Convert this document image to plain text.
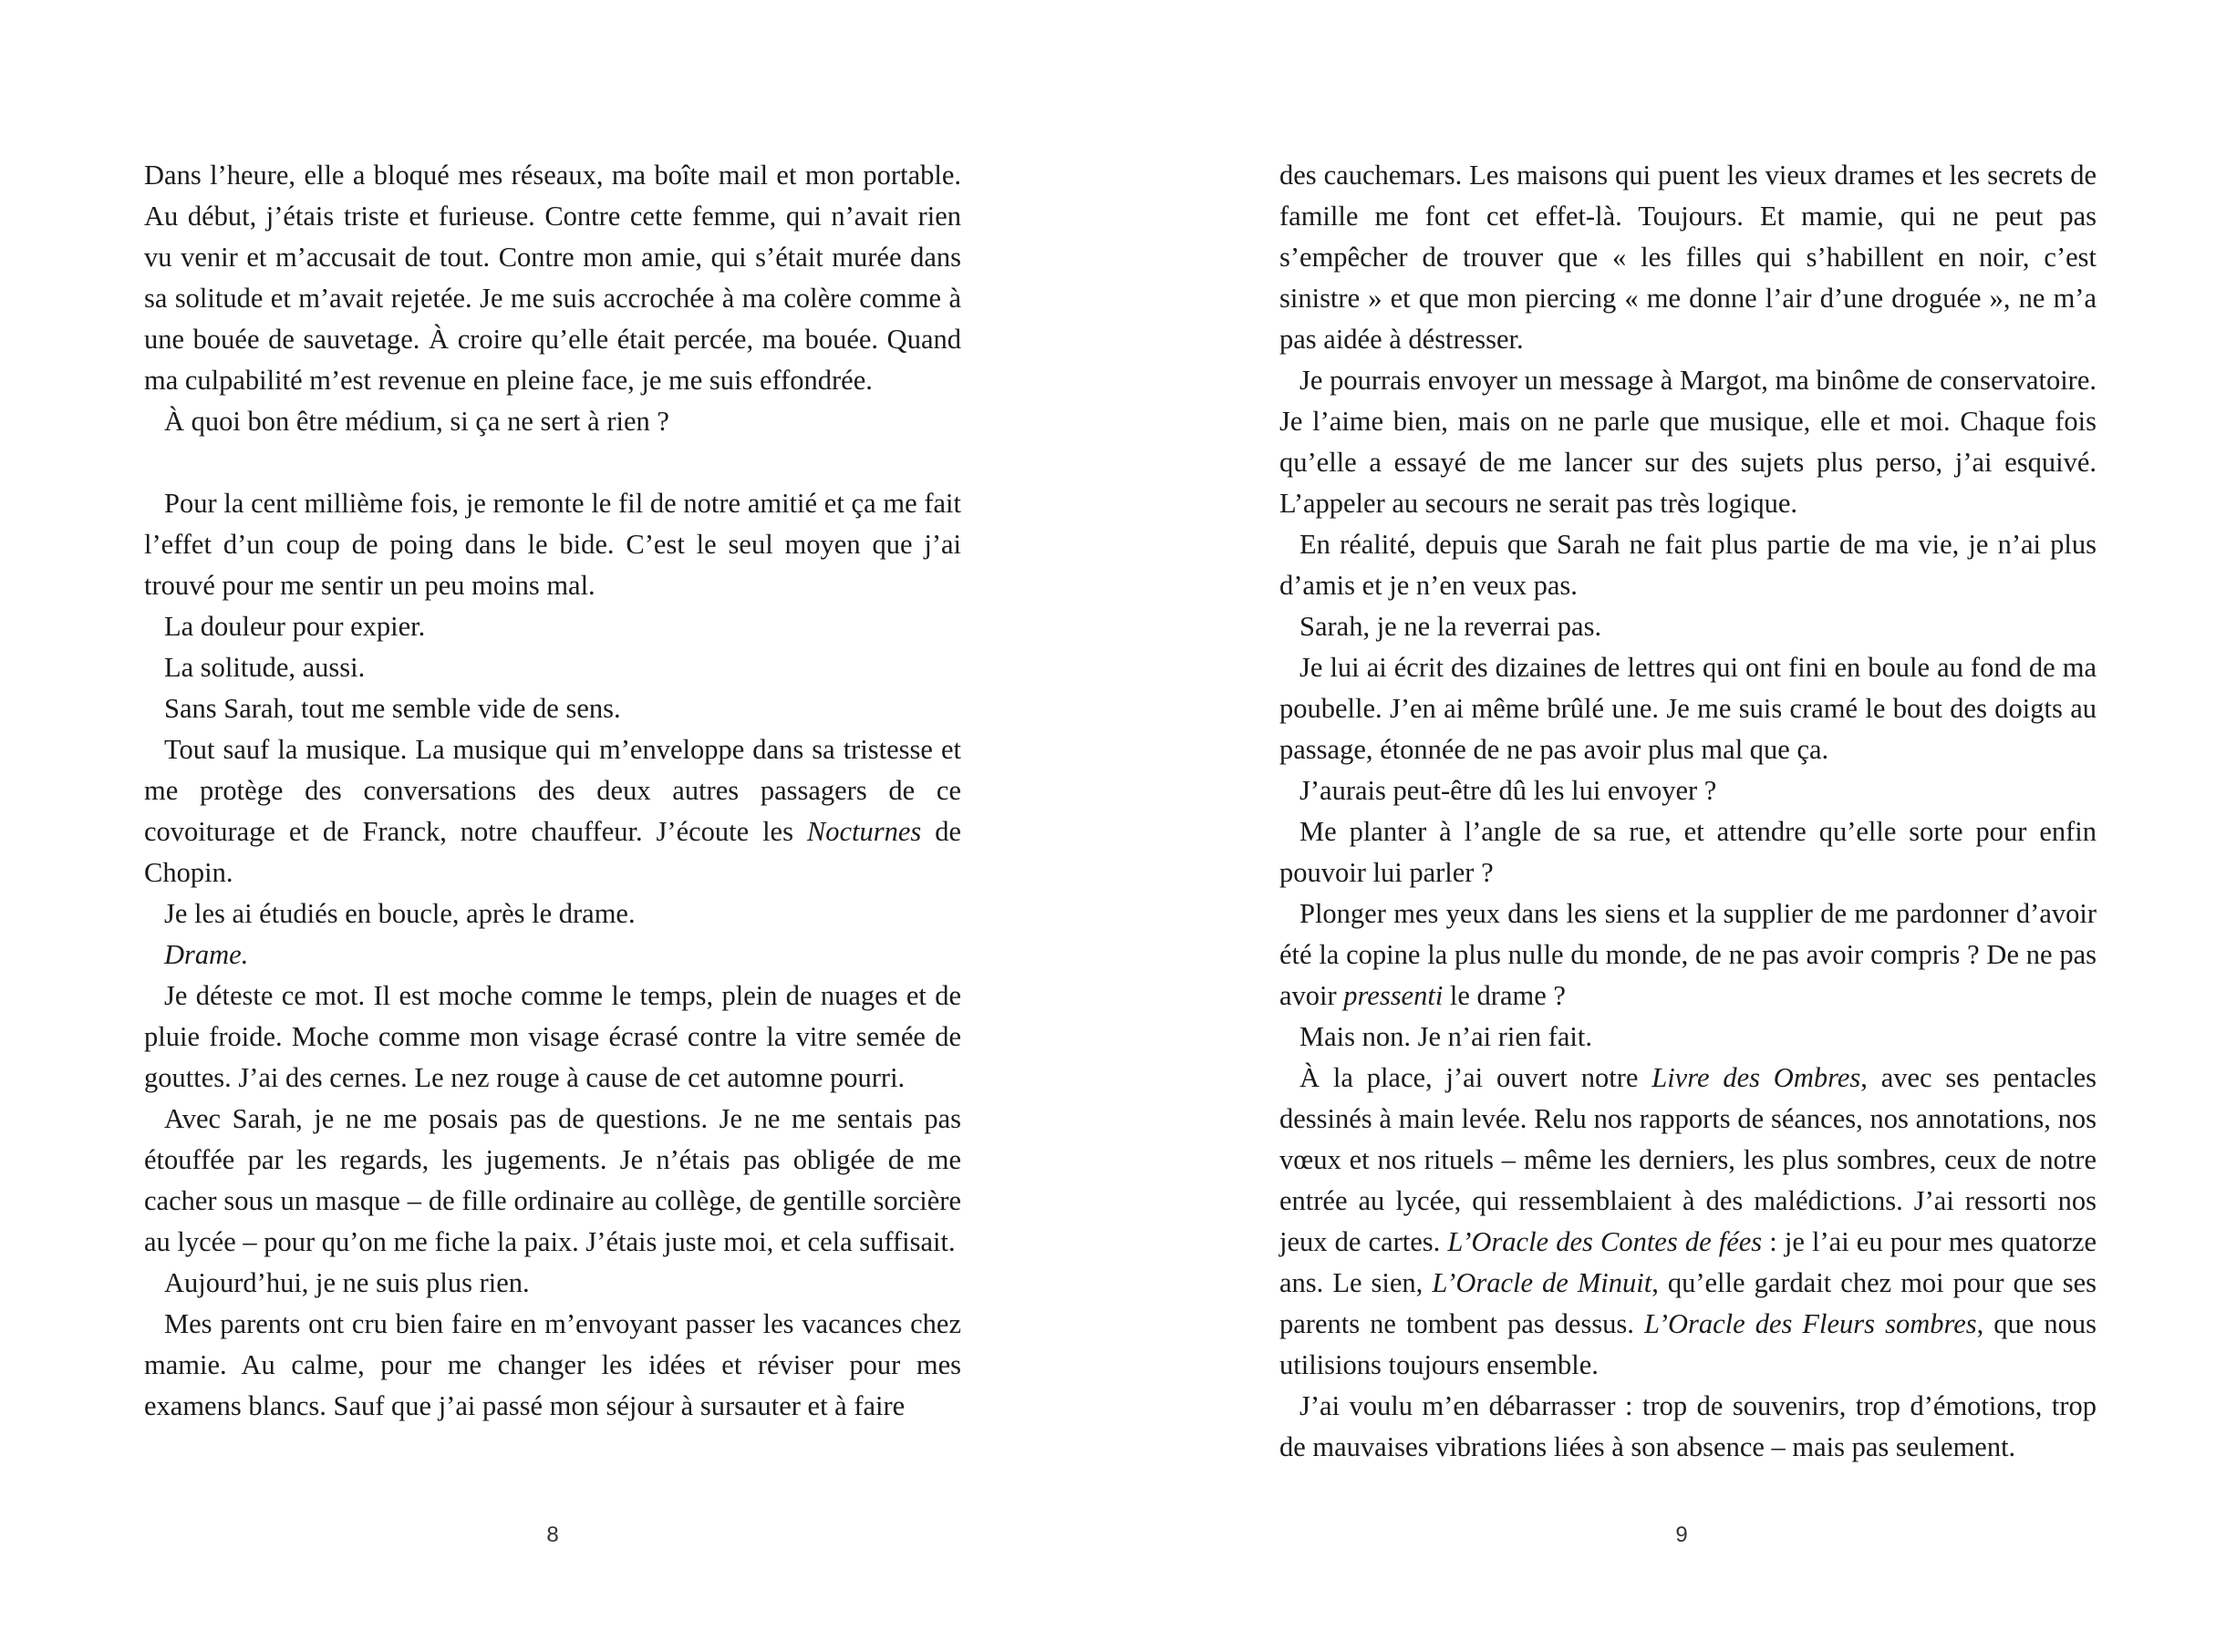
Dans l’heure, elle a bloqué mes réseaux, ma boîte mail et mon portable. Au début, j’étais triste et furieuse. Contre cette femme, qui n’avait rien vu venir et m’accusait de tout. Contre mon amie, qui s’était murée dans sa solitude et m’avait rejetée. Je me suis accrochée à ma colère comme à une bouée de sauvetage. À croire qu’elle était percée, ma bouée. Quand ma culpabilité m’est revenue en pleine face, je me suis effondrée.

À quoi bon être médium, si ça ne sert à rien ?

Pour la cent millième fois, je remonte le fil de notre amitié et ça me fait l’effet d’un coup de poing dans le bide. C’est le seul moyen que j’ai trouvé pour me sentir un peu moins mal.

La douleur pour expier.

La solitude, aussi.

Sans Sarah, tout me semble vide de sens.

Tout sauf la musique. La musique qui m’enveloppe dans sa tristesse et me protège des conversations des deux autres passagers de ce covoiturage et de Franck, notre chauffeur. J’écoute les Nocturnes de Chopin.

Je les ai étudiés en boucle, après le drame.

Drame.

Je déteste ce mot. Il est moche comme le temps, plein de nuages et de pluie froide. Moche comme mon visage écrasé contre la vitre semée de gouttes. J’ai des cernes. Le nez rouge à cause de cet automne pourri.

Avec Sarah, je ne me posais pas de questions. Je ne me sentais pas étouffée par les regards, les jugements. Je n’étais pas obligée de me cacher sous un masque – de fille ordinaire au collège, de gentille sorcière au lycée – pour qu’on me fiche la paix. J’étais juste moi, et cela suffisait.

Aujourd’hui, je ne suis plus rien.

Mes parents ont cru bien faire en m’envoyant passer les vacances chez mamie. Au calme, pour me changer les idées et réviser pour mes examens blancs. Sauf que j’ai passé mon séjour à sursauter et à faire

8

des cauchemars. Les maisons qui puent les vieux drames et les secrets de famille me font cet effet-là. Toujours. Et mamie, qui ne peut pas s’empêcher de trouver que « les filles qui s’habillent en noir, c’est sinistre » et que mon piercing « me donne l’air d’une droguée », ne m’a pas aidée à déstresser.

Je pourrais envoyer un message à Margot, ma binôme de conservatoire. Je l’aime bien, mais on ne parle que musique, elle et moi. Chaque fois qu’elle a essayé de me lancer sur des sujets plus perso, j’ai esquivé. L’appeler au secours ne serait pas très logique.

En réalité, depuis que Sarah ne fait plus partie de ma vie, je n’ai plus d’amis et je n’en veux pas.

Sarah, je ne la reverrai pas.

Je lui ai écrit des dizaines de lettres qui ont fini en boule au fond de ma poubelle. J’en ai même brûlé une. Je me suis cramé le bout des doigts au passage, étonnée de ne pas avoir plus mal que ça.

J’aurais peut-être dû les lui envoyer ?

Me planter à l’angle de sa rue, et attendre qu’elle sorte pour enfin pouvoir lui parler ?

Plonger mes yeux dans les siens et la supplier de me pardonner d’avoir été la copine la plus nulle du monde, de ne pas avoir compris ? De ne pas avoir pressenti le drame ?

Mais non. Je n’ai rien fait.

À la place, j’ai ouvert notre Livre des Ombres, avec ses pentacles dessinés à main levée. Relu nos rapports de séances, nos annotations, nos vœux et nos rituels – même les derniers, les plus sombres, ceux de notre entrée au lycée, qui ressemblaient à des malédictions. J’ai ressorti nos jeux de cartes. L’Oracle des Contes de fées : je l’ai eu pour mes quatorze ans. Le sien, L’Oracle de Minuit, qu’elle gardait chez moi pour que ses parents ne tombent pas dessus. L’Oracle des Fleurs sombres, que nous utilisions toujours ensemble.

J’ai voulu m’en débarrasser : trop de souvenirs, trop d’émotions, trop de mauvaises vibrations liées à son absence – mais pas seulement.

9
